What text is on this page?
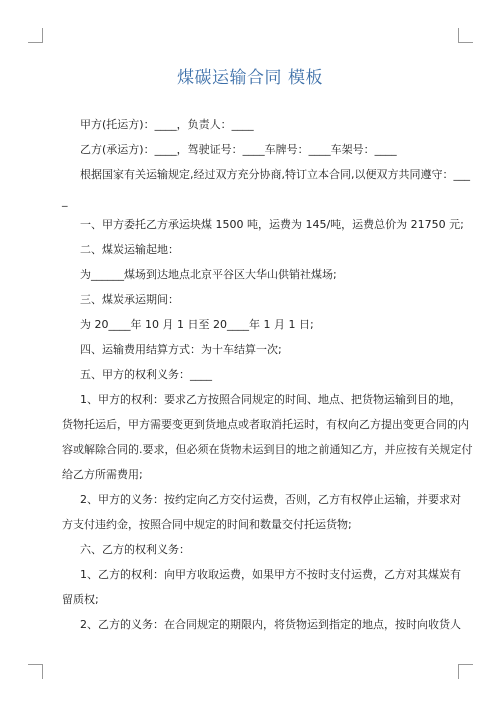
煤碳运输合同 模板
甲方(托运方)：____，负责人：____
乙方(承运方)：____，驾驶证号：____车牌号：____车架号：____
根据国家有关运输规定,经过双方充分协商,特订立本合同,以便双方共同遵守：___
_
一、甲方委托乙方承运块煤 1500 吨，运费为 145/吨，运费总价为 21750 元;
二、煤炭运输起地：
为______煤场到达地点北京平谷区大华山供销社煤场;
三、煤炭承运期间：
为 20____年 10 月 1 日至 20____年 1 月 1 日;
四、运输费用结算方式：为十车结算一次;
五、甲方的权利义务：____
1、甲方的权利：要求乙方按照合同规定的时间、地点、把货物运输到目的地，
货物托运后，甲方需要变更到货地点或者取消托运时，有权向乙方提出变更合同的内
容或解除合同的.要求，但必须在货物未运到目的地之前通知乙方，并应按有关规定付
给乙方所需费用;
2、甲方的义务：按约定向乙方交付运费，否则，乙方有权停止运输，并要求对
方支付违约金，按照合同中规定的时间和数量交付托运货物;
六、乙方的权利义务：
1、乙方的权利：向甲方收取运费，如果甲方不按时支付运费，乙方对其煤炭有
留质权;
2、乙方的义务：在合同规定的期限内，将货物运到指定的地点，按时向收货人
